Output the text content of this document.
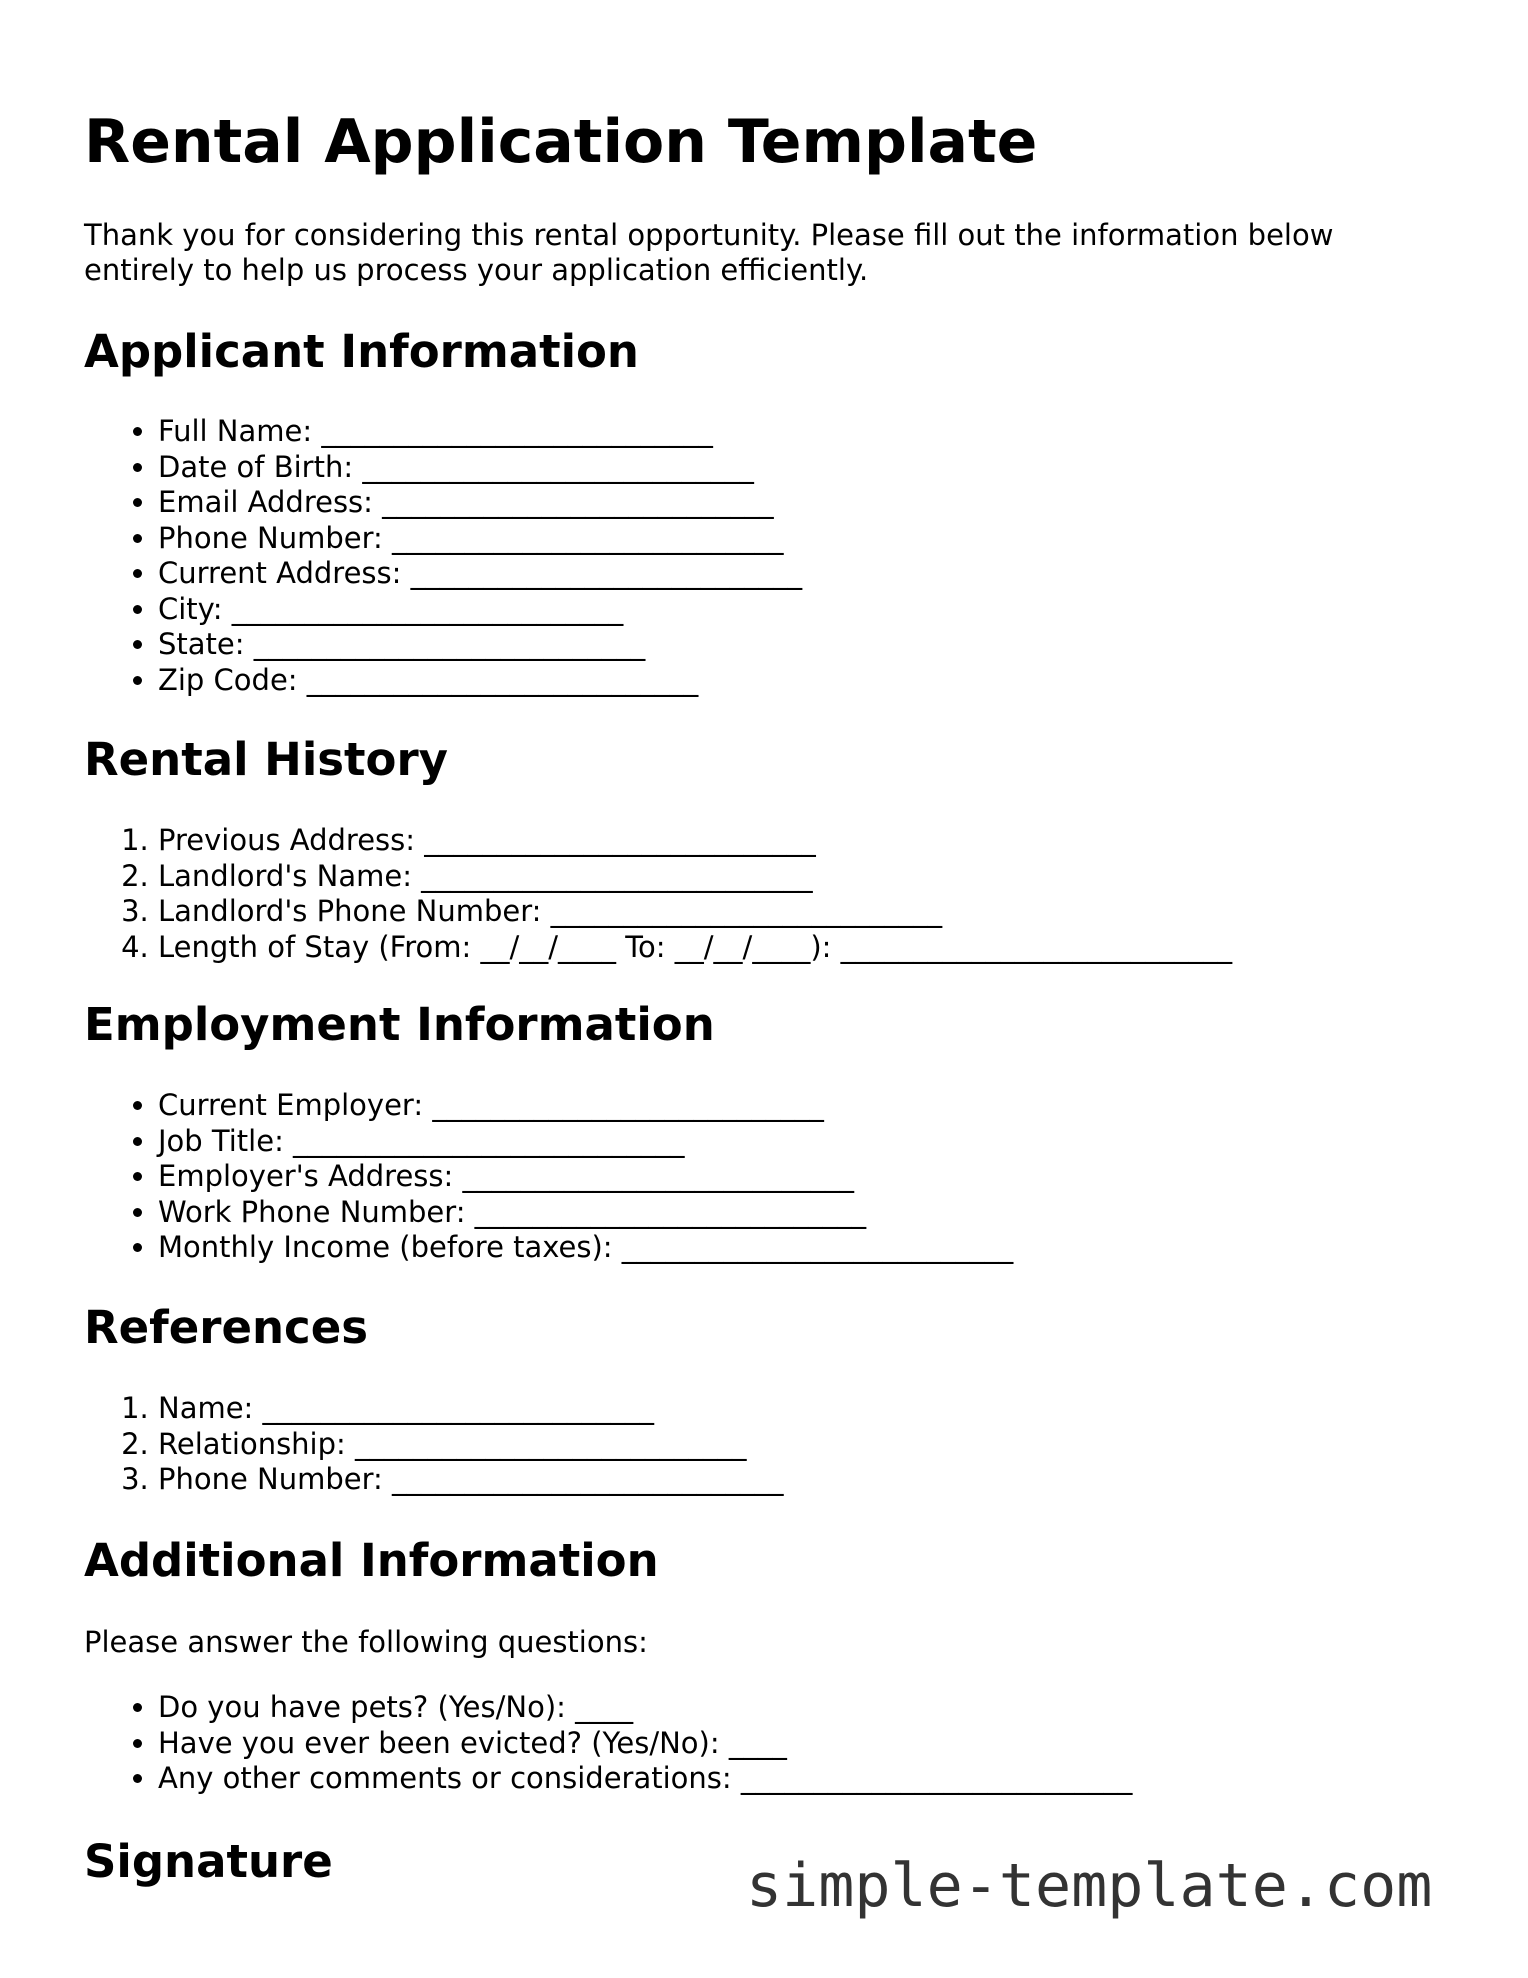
Rental Application Template

Thank you for considering this rental opportunity. Please fill out the information below entirely to help us process your application efficiently.

Applicant Information
• Full Name: ___________________________
• Date of Birth: ___________________________
• Email Address: ___________________________
• Phone Number: ___________________________
• Current Address: ___________________________
• City: ___________________________
• State: ___________________________
• Zip Code: ___________________________
Rental History
1. Previous Address: ___________________________
2. Landlord's Name: ___________________________
3. Landlord's Phone Number: ___________________________
4. Length of Stay (From: __/__/____ To: __/__/____): ___________________________
Employment Information
• Current Employer: ___________________________
• Job Title: ___________________________
• Employer's Address: ___________________________
• Work Phone Number: ___________________________
• Monthly Income (before taxes): ___________________________
References
1. Name: ___________________________
2. Relationship: ___________________________
3. Phone Number: ___________________________
Additional Information

Please answer the following questions:

• Do you have pets? (Yes/No): ____
• Have you ever been evicted? (Yes/No): ____
• Any other comments or considerations: ___________________________
Signature	simple-template.com
